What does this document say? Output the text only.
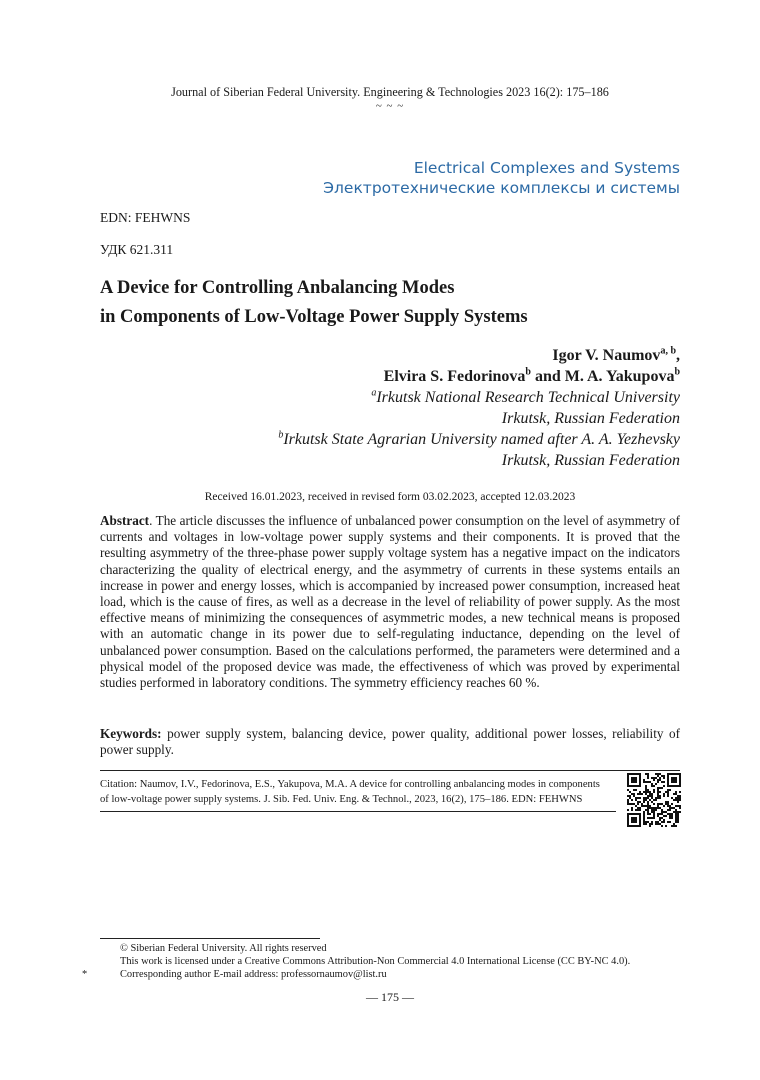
Journal of Siberian Federal University. Engineering & Technologies 2023 16(2): 175–186
~ ~ ~
Electrical Complexes and Systems
Электротехнические комплексы и системы
EDN: FEHWNS
УДК 621.311
A Device for Controlling Anbalancing Modes
in Components of Low-Voltage Power Supply Systems
Igor V. Naumov$^{a, b}$,
Elvira S. Fedorinova$^b$ and M. A. Yakupova$^b$
$^a$Irkutsk National Research Technical University
Irkutsk, Russian Federation
$^b$Irkutsk State Agrarian University named after A. A. Yezhevsky
Irkutsk, Russian Federation
Received 16.01.2023, received in revised form 03.02.2023, accepted 12.03.2023
Abstract. The article discusses the influence of unbalanced power consumption on the level of asymmetry of currents and voltages in low-voltage power supply systems and their components. It is proved that the resulting asymmetry of the three-phase power supply voltage system has a negative impact on the indicators characterizing the quality of electrical energy, and the asymmetry of currents in these systems entails an increase in power and energy losses, which is accompanied by increased power consumption, increased heat load, which is the cause of fires, as well as a decrease in the level of reliability of power supply. As the most effective means of minimizing the consequences of asymmetric modes, a new technical means is proposed with an automatic change in its power due to self-regulating inductance, depending on the level of unbalanced power consumption. Based on the calculations performed, the parameters were determined and a physical model of the proposed device was made, the effectiveness of which was proved by experimental studies performed in laboratory conditions. The symmetry efficiency reaches 60 %.
Keywords: power supply system, balancing device, power quality, additional power losses, reliability of power supply.
Citation: Naumov, I.V., Fedorinova, E.S., Yakupova, M.A. A device for controlling anbalancing modes in components
of low-voltage power supply systems. J. Sib. Fed. Univ. Eng. & Technol., 2023, 16(2), 175–186. EDN: FEHWNS
© Siberian Federal University. All rights reserved
This work is licensed under a Creative Commons Attribution-Non Commercial 4.0 International License (CC BY-NC 4.0).
*	Corresponding author E-mail address: professornaumov@list.ru
— 175 —
